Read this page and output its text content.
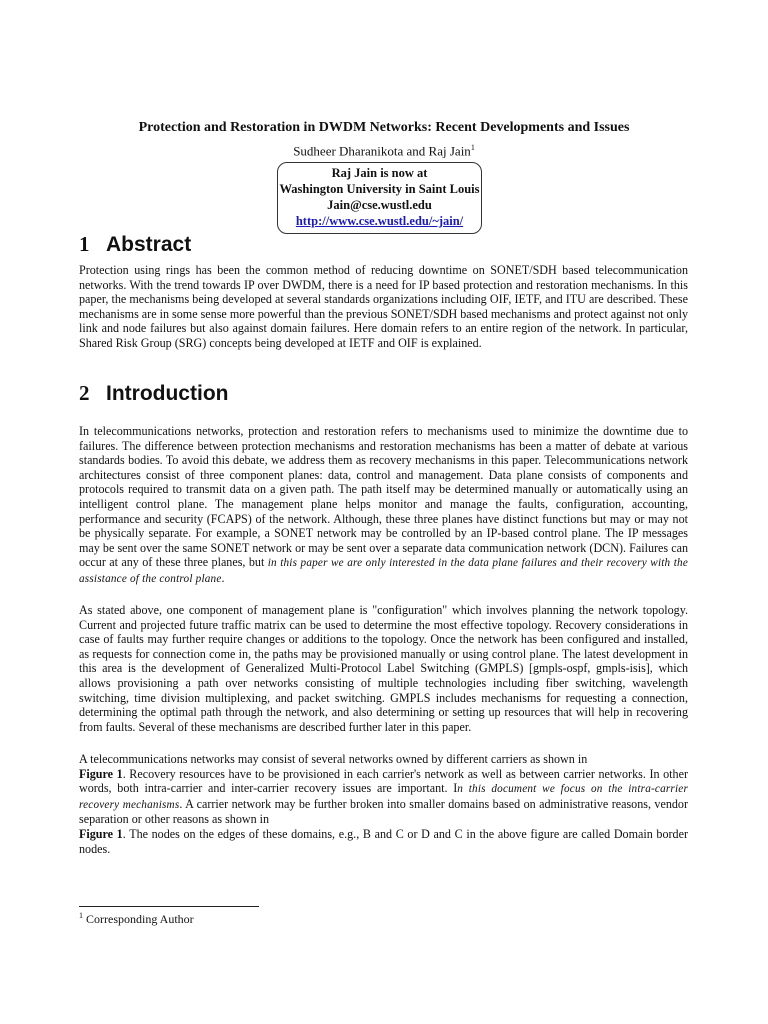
Protection and Restoration in DWDM Networks: Recent Developments and Issues
Sudheer Dharanikota and Raj Jain$^1$
Raj Jain is now at
Washington University in Saint Louis
Jain@cse.wustl.edu
http://www.cse.wustl.edu/~jain/
1 Abstract
Protection using rings has been the common method of reducing downtime on SONET/SDH based telecommunication networks. With the trend towards IP over DWDM, there is a need for IP based protection and restoration mechanisms. In this paper, the mechanisms being developed at several standards organizations including OIF, IETF, and ITU are described. These mechanisms are in some sense more powerful than the previous SONET/SDH based mechanisms and protect against not only link and node failures but also against domain failures. Here domain refers to an entire region of the network. In particular, Shared Risk Group (SRG) concepts being developed at IETF and OIF is explained.
2 Introduction
In telecommunications networks, protection and restoration refers to mechanisms used to minimize the downtime due to failures. The difference between protection mechanisms and restoration mechanisms has been a matter of debate at various standards bodies. To avoid this debate, we address them as recovery mechanisms in this paper. Telecommunications network architectures consist of three component planes: data, control and management. Data plane consists of components and protocols required to transmit data on a given path. The path itself may be determined manually or automatically using an intelligent control plane. The management plane helps monitor and manage the faults, configuration, accounting, performance and security (FCAPS) of the network. Although, these three planes have distinct functions but may or may not be physically separate. For example, a SONET network may be controlled by an IP-based control plane. The IP messages may be sent over the same SONET network or may be sent over a separate data communication network (DCN). Failures can occur at any of these three planes, but in this paper we are only interested in the data plane failures and their recovery with the assistance of the control plane.
As stated above, one component of management plane is "configuration" which involves planning the network topology. Current and projected future traffic matrix can be used to determine the most effective topology. Recovery considerations in case of faults may further require changes or additions to the topology. Once the network has been configured and installed, as requests for connection come in, the paths may be provisioned manually or using control plane. The latest development in this area is the development of Generalized Multi-Protocol Label Switching (GMPLS) [gmpls-ospf, gmpls-isis], which allows provisioning a path over networks consisting of multiple technologies including fiber switching, wavelength switching, time division multiplexing, and packet switching. GMPLS includes mechanisms for requesting a connection, determining the optimal path through the network, and also determining or setting up resources that will help in recovering from faults. Several of these mechanisms are described further later in this paper.
A telecommunications networks may consist of several networks owned by different carriers as shown in
Figure 1. Recovery resources have to be provisioned in each carrier's network as well as between carrier networks. In other words, both intra-carrier and inter-carrier recovery issues are important. In this document we focus on the intra-carrier recovery mechanisms. A carrier network may be further broken into smaller domains based on administrative reasons, vendor separation or other reasons as shown in
Figure 1. The nodes on the edges of these domains, e.g., B and C or D and C in the above figure are called Domain border nodes.
$^1$ Corresponding Author
